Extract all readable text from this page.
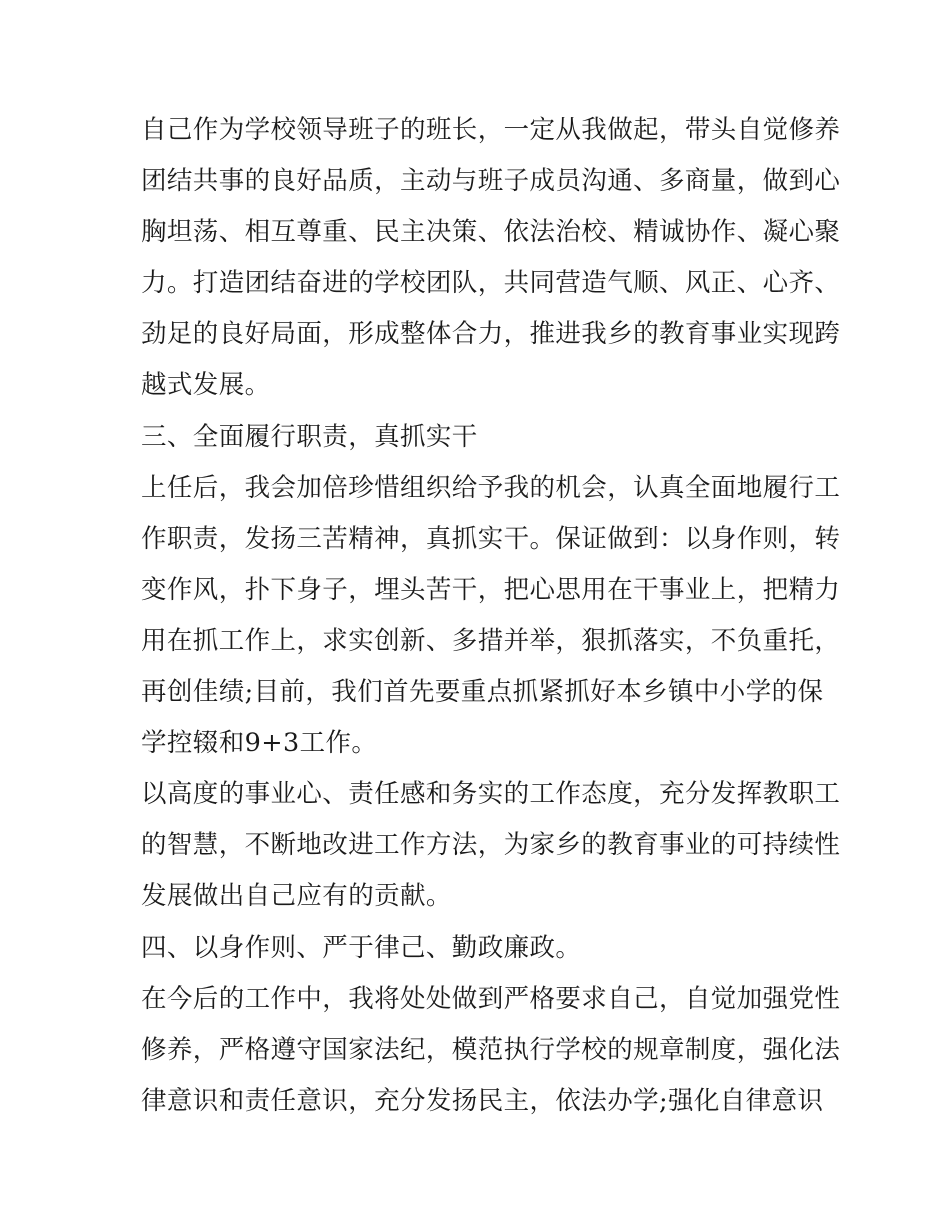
自己作为学校领导班子的班长，一定从我做起，带头自觉修养
团结共事的良好品质，主动与班子成员沟通、多商量，做到心
胸坦荡、相互尊重、民主决策、依法治校、精诚协作、凝心聚
力。打造团结奋进的学校团队，共同营造气顺、风正、心齐、
劲足的良好局面，形成整体合力，推进我乡的教育事业实现跨
越式发展。
三、全面履行职责，真抓实干
上任后，我会加倍珍惜组织给予我的机会，认真全面地履行工
作职责，发扬三苦精神，真抓实干。保证做到：以身作则，转
变作风，扑下身子，埋头苦干，把心思用在干事业上，把精力
用在抓工作上，求实创新、多措并举，狠抓落实，不负重托，
再创佳绩;目前，我们首先要重点抓紧抓好本乡镇中小学的保
学控辍和9+3工作。
以高度的事业心、责任感和务实的工作态度，充分发挥教职工
的智慧，不断地改进工作方法，为家乡的教育事业的可持续性
发展做出自己应有的贡献。
四、以身作则、严于律己、勤政廉政。
在今后的工作中，我将处处做到严格要求自己，自觉加强党性
修养，严格遵守国家法纪，模范执行学校的规章制度，强化法
律意识和责任意识，充分发扬民主，依法办学;强化自律意识
